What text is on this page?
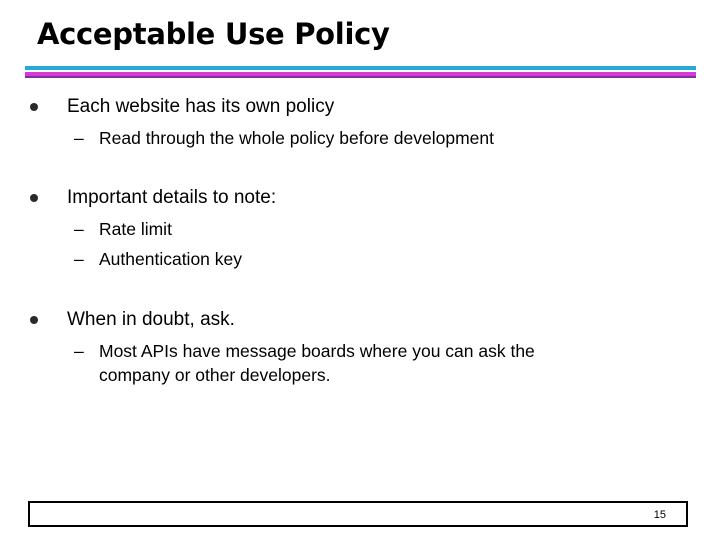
Acceptable Use Policy
Each website has its own policy
– Read through the whole policy before development
Important details to note:
– Rate limit
– Authentication key
When in doubt, ask.
– Most APIs have message boards where you can ask the
company or other developers.
15
